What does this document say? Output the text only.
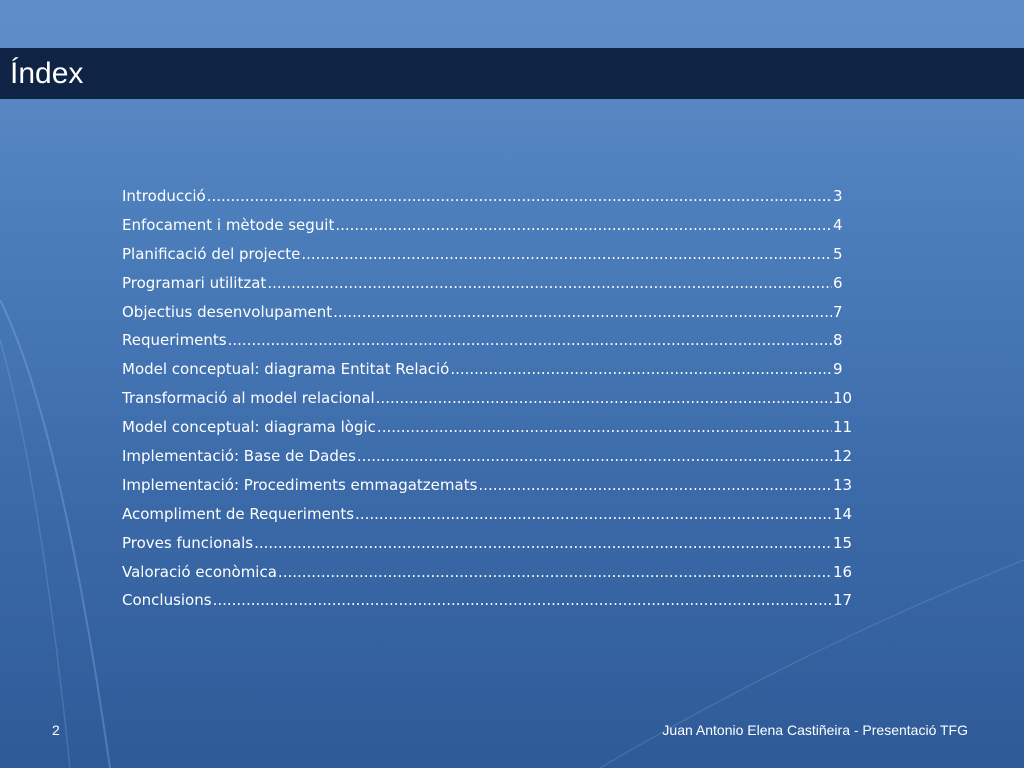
Índex
Introducció .....	3
Enfocament i mètode seguit .....	4
Planificació del projecte .....	5
Programari utilitzat .....	6
Objectius desenvolupament .....	7
Requeriments .....	8
Model conceptual: diagrama Entitat Relació .....	9
Transformació al model relacional .....	10
Model conceptual: diagrama lògic .....	11
Implementació: Base de Dades .....	12
Implementació: Procediments emmagatzemats .....	13
Acompliment de Requeriments .....	14
Proves funcionals .....	15
Valoració econòmica .....	16
Conclusions .....	17
2	Juan Antonio Elena Castiñeira - Presentació TFG
